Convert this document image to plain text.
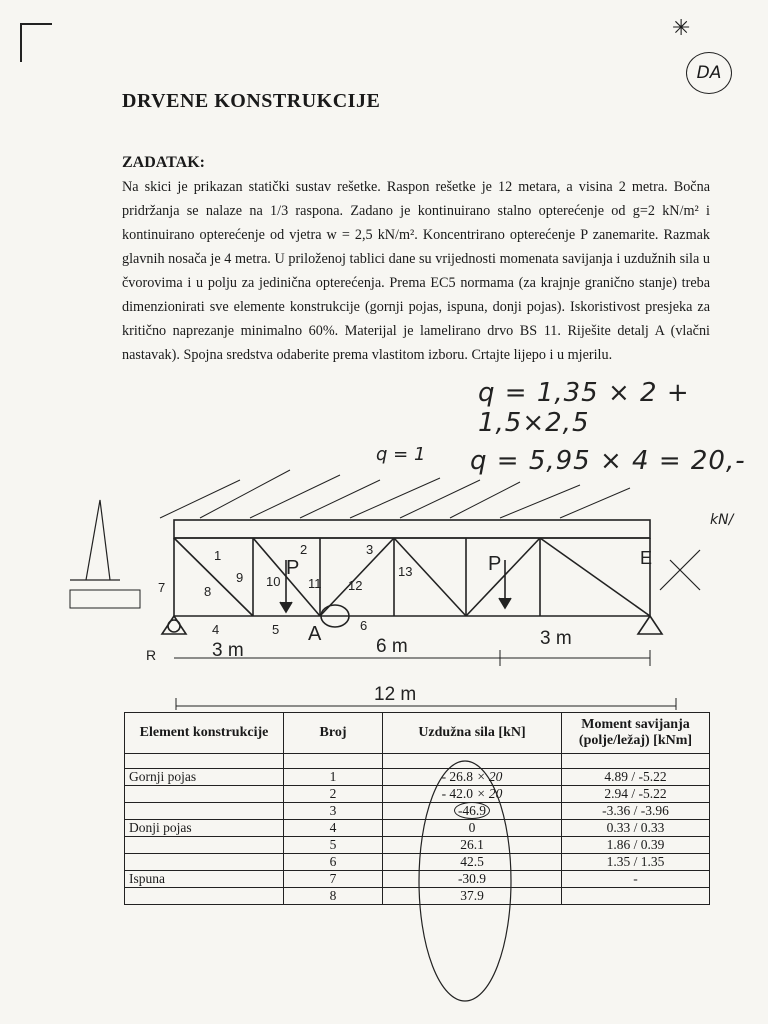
✳
DA
DRVENE KONSTRUKCIJE
ZADATAK:
Na skici je prikazan statički sustav rešetke. Raspon rešetke je 12 metara, a visina 2 metra. Bočna pridržanja se nalaze na 1/3 raspona. Zadano je kontinuirano stalno opterećenje od g=2 kN/m² i kontinuirano opterećenje od vjetra w = 2,5 kN/m². Koncentrirano opterećenje P zanemarite. Razmak glavnih nosača je 4 metra. U priloženoj tablici dane su vrijednosti momenata savijanja i uzdužnih sila u čvorovima i u polju za jedinična opterećenja. Prema EC5 normama (za krajnje granično stanje) treba dimenzionirati sve elemente konstrukcije (gornji pojas, ispuna, donji pojas). Iskoristivost presjeka za kritično naprezanje minimalno 60%. Materijal je lamelirano drvo BS 11. Riješite detalj A (vlačni nastavak). Spojna sredstva odaberite prema vlastitom izboru. Crtajte lijepo i u mjerilu.
q = 1,35 × 2 + 1,5×2,5
q = 5,95 × 4 = 20,-
q = 1
kN/
1	2	3
4	5	6
7	8
9 10 11 12
13
P	P
A
E
R	3 m	6 m	3 m
12 m
Element konstrukcije	Broj	Uzdužna sila [kN]	Moment savijanja (polje/ležaj) [kNm]

Gornji pojas	1	- 26.8 × 20	4.89 / -5.22
	2	- 42.0 × 20	2.94 / -5.22
	3	-46.9	-3.36 / -3.96
Donji pojas	4	0	0.33 / 0.33
	5	26.1	1.86 / 0.39
	6	42.5	1.35 / 1.35
Ispuna	7	-30.9	-
	8	37.9	
